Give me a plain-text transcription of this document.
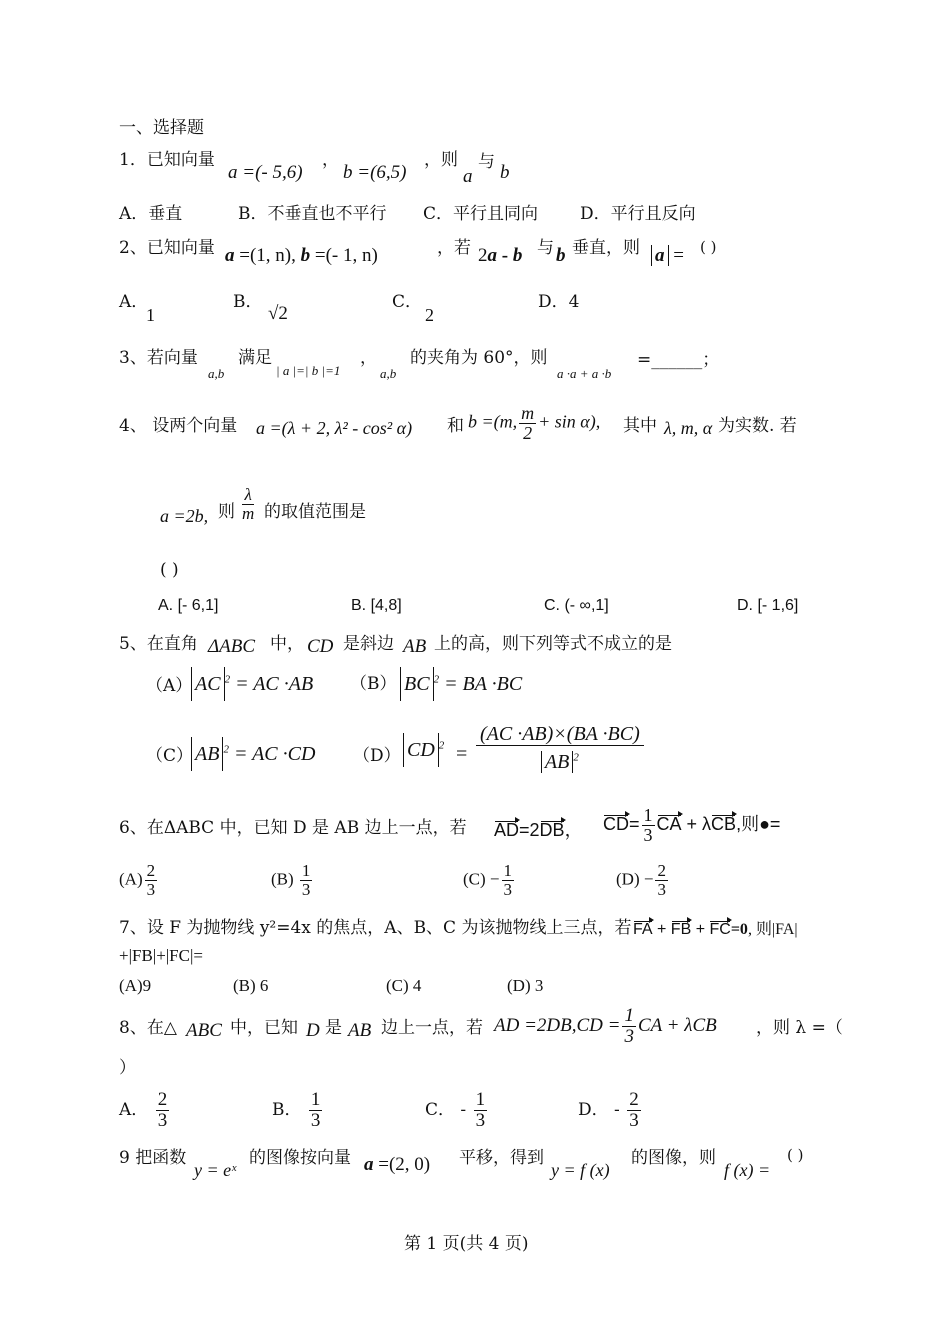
一、选择题
1．已知向量
a =(- 5,6)
，
b =(6,5)
，则
a
与 b
A．垂直	B．不垂直也不平行 C．平行且同向 D．平行且反向
2、已知向量 a =(1, n), b =(- 1, n)	，若 2a - b 与 b 垂直，则 a = ( )
A．
1
B．
√2
C．
2
D．4
3、若向量
a,b
满足
| a |=| b |=1
，
a,b
的夹角为 60°，则
a ·a + a ·b
=______；
4、 设两个向量 a =(λ + 2, λ² - cos² α) 和 b =(m, $\frac{m}{2} + \sin \alpha$), 其中 λ, m, α 为实数. 若
a =2b, 则 $\frac{\lambda}{m}$ 的取值范围是
( )
A. [- 6,1]	B. [4,8]	C. (- ∞,1]	D. [- 1,6]
5、在直角 ΔABC 中， CD 是斜边 AB 上的高，则下列等式不成立的是
（A） AC $^2$ = AC ·AB （B） BC $^2$ = BA ·BC
（C） AB $^2$ = AC ·CD （D） CD $^2 = \frac{(AC \cdot AB)\times(BA \cdot BC)}{AB ^2}$
6、在ΔABC 中，已知 D 是 AB 边上一点，若 AD=2DB， $CD= \frac{1}{3}$ CA + λCB,则●=
$(A) \frac{2}{3}$	$(B) \frac{1}{3}$	$(C) - \frac{1}{3}$	$(D) - \frac{2}{3}$
7、设 F 为抛物线 y²=4x 的焦点，A、B、C 为该抛物线上三点，若 FA + FB + FC=0, 则|FA|
+|FB|+|FC|=
(A)9	(B) 6	(C) 4	(D) 3
8、在△ ABC 中，已知 D 是 AB 边上一点，若 AD $=2DB,CD = \frac{1}{3}$ CA + λCB ，则 λ =（
）
A． $\frac{2}{3}$	B． $\frac{1}{3}$	C． - $\frac{1}{3}$	D． - $\frac{2}{3}$
9 把函数
y = eˣ
的图像按向量 a =(2, 0) 平移，得到
y = f (x)
的图像，则
f (x) =
( )
第 1 页(共 4 页)
